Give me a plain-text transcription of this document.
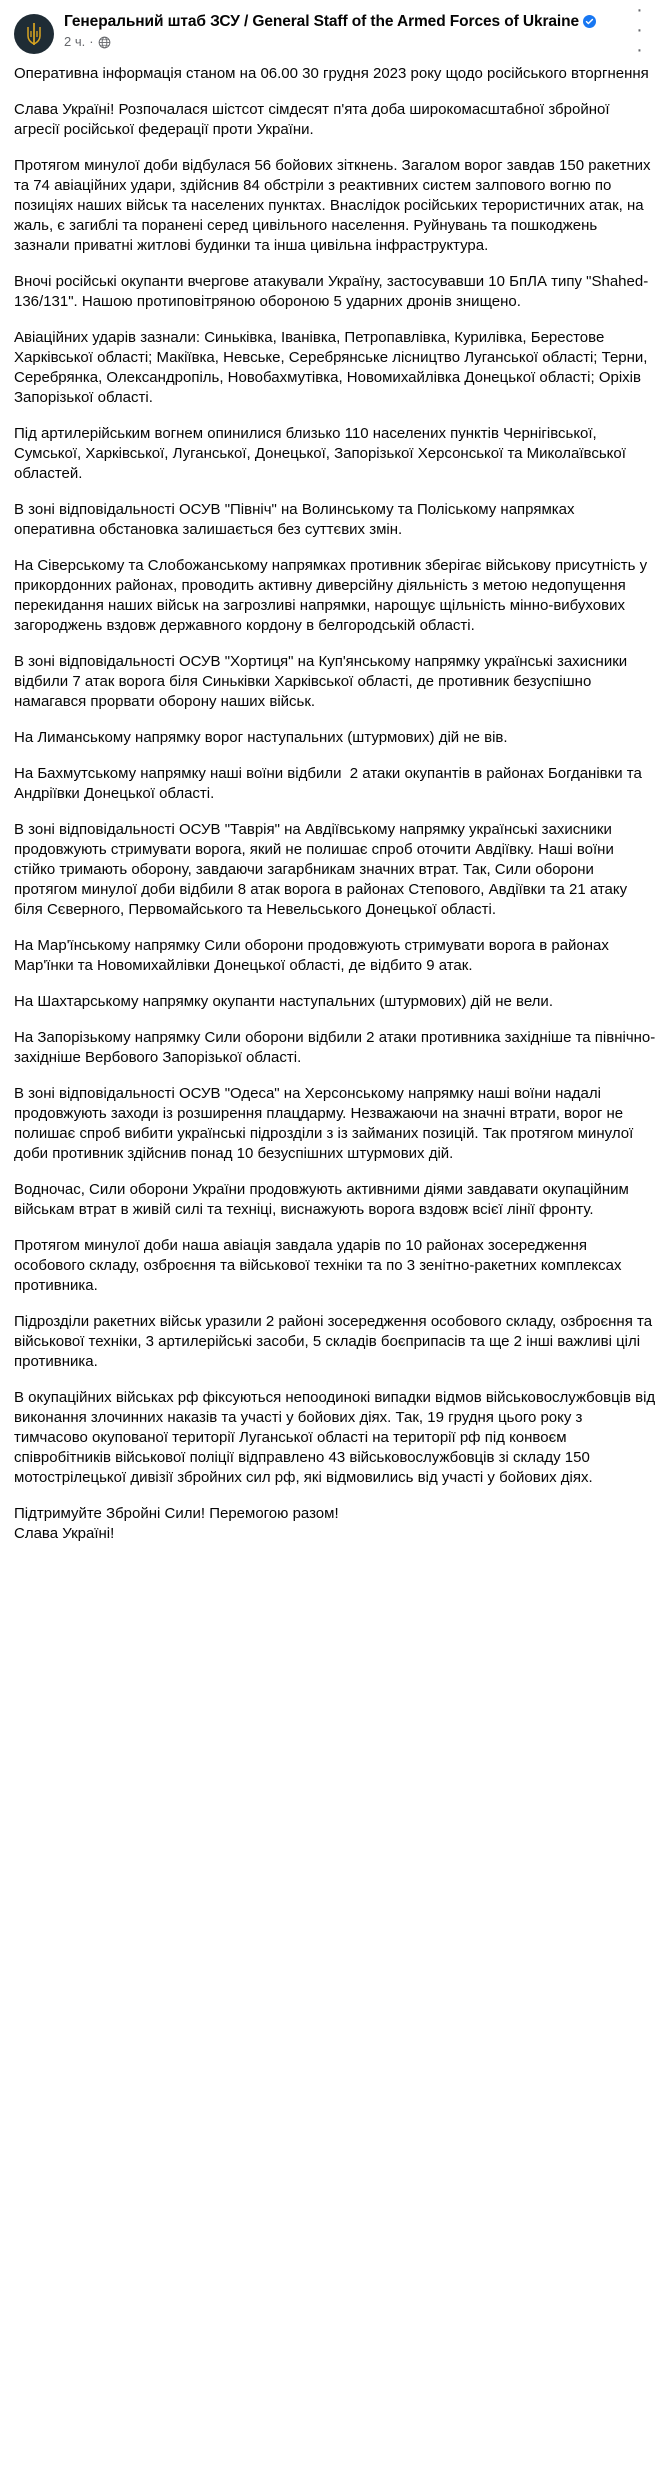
Генеральний штаб ЗСУ / General Staff of the Armed Forces of Ukraine
2 ч. ·
· · ·

Оперативна інформація станом на 06.00 30 грудня 2023 року щодо російського вторгнення

Слава Україні! Розпочалася шістсот сімдесят п'ята доба широкомасштабної збройної агресії російської федерації проти України.

Протягом минулої доби відбулася 56 бойових зіткнень. Загалом ворог завдав 150 ракетних та 74 авіаційних удари, здійснив 84 обстріли з реактивних систем залпового вогню по позиціях наших військ та населених пунктах. Внаслідок російських терористичних атак, на жаль, є загиблі та поранені серед цивільного населення. Руйнувань та пошкоджень зазнали приватні житлові будинки та інша цивільна інфраструктура.

Вночі російські окупанти вчергове атакували Україну, застосувавши 10 БпЛА типу "Shahed-136/131". Нашою протиповітряною обороною 5 ударних дронів знищено.

Авіаційних ударів зазнали: Синьківка, Іванівка, Петропавлівка, Курилівка, Берестове Харківської області; Макіївка, Невське, Серебрянське лісництво Луганської області; Терни, Серебрянка, Олександропіль, Новобахмутівка, Новомихайлівка Донецької області; Оріхів Запорізької області.

Під артилерійським вогнем опинилися близько 110 населених пунктів Чернігівської, Сумської, Харківської, Луганської, Донецької, Запорізької Херсонської та Миколаївської областей.

В зоні відповідальності ОСУВ "Північ" на Волинському та Поліському напрямках оперативна обстановка залишається без суттєвих змін.

На Сіверському та Слобожанському напрямках противник зберігає військову присутність у прикордонних районах, проводить активну диверсійну діяльність з метою недопущення перекидання наших військ на загрозливі напрямки, нарощує щільність мінно-вибухових загороджень вздовж державного кордону в белгородській області.

В зоні відповідальності ОСУВ "Хортиця" на Куп'янському напрямку українські захисники відбили 7 атак ворога біля Синьківки Харківської області, де противник безуспішно намагався прорвати оборону наших військ.

На Лиманському напрямку ворог наступальних (штурмових) дій не вів.

На Бахмутському напрямку наші воїни відбили  2 атаки окупантів в районах Богданівки та Андріївки Донецької області.

В зоні відповідальності ОСУВ "Таврія" на Авдіївському напрямку українські захисники продовжують стримувати ворога, який не полишає спроб оточити Авдіївку. Наші воїни стійко тримають оборону, завдаючи загарбникам значних втрат. Так, Сили оборони протягом минулої доби відбили 8 атак ворога в районах Степового, Авдіївки та 21 атаку біля Сєверного, Первомайського та Невельського Донецької області.

На Мар'їнському напрямку Сили оборони продовжують стримувати ворога в районах Мар'їнки та Новомихайлівки Донецької області, де відбито 9 атак.

На Шахтарському напрямку окупанти наступальних (штурмових) дій не вели.

На Запорізькому напрямку Сили оборони відбили 2 атаки противника західніше та північно-західніше Вербового Запорізької області.

В зоні відповідальності ОСУВ "Одеса" на Херсонському напрямку наші воїни надалі продовжують заходи із розширення плацдарму. Незважаючи на значні втрати, ворог не полишає спроб вибити українські підрозділи з із займаних позицій. Так протягом минулої доби противник здійснив понад 10 безуспішних штурмових дій.

Водночас, Сили оборони України продовжують активними діями завдавати окупаційним військам втрат в живій силі та техніці, виснажують ворога вздовж всієї лінії фронту.

Протягом минулої доби наша авіація завдала ударів по 10 районах зосередження особового складу, озброєння та військової техніки та по 3 зенітно-ракетних комплексах противника.

Підрозділи ракетних військ уразили 2 районі зосередження особового складу, озброєння та військової техніки, 3 артилерійські засоби, 5 складів боєприпасів та ще 2 інші важливі цілі противника.

В окупаційних військах рф фіксуються непоодинокі випадки відмов військовослужбовців від виконання злочинних наказів та участі у бойових діях. Так, 19 грудня цього року з тимчасово окупованої території Луганської області на території рф під конвоєм співробітників військової поліції відправлено 43 військовослужбовців зі складу 150 мотострілецької дивізії збройних сил рф, які відмовились від участі у бойових діях.

Підтримуйте Збройні Сили! Перемогою разом!

Слава Україні!
